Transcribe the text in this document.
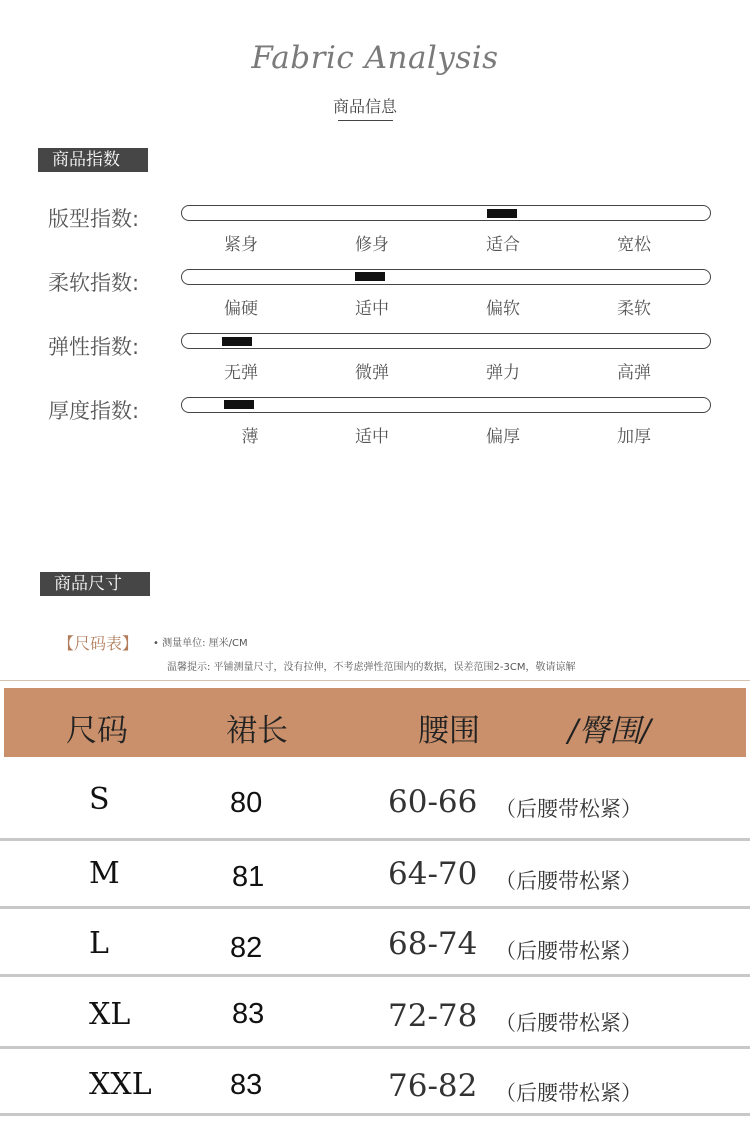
Fabric Analysis
商品信息
商品指数
版型指数:
紧身	修身	适合	宽松
柔软指数:
偏硬	适中	偏软	柔软
弹性指数:
无弹	微弹	弹力	高弹
厚度指数:
薄	适中	偏厚	加厚
商品尺寸
【尺码表】 • 测量单位: 厘米/CM
温馨提示: 平铺测量尺寸，没有拉伸，不考虑弹性范围内的数据，误差范围2-3CM，敬请谅解
尺码	裙长	腰围	/臀围/
S	80	60-66 （后腰带松紧）
M	81	64-70 （后腰带松紧）
L	82	68-74 （后腰带松紧）
XL	83	72-78 （后腰带松紧）
XXL	83	76-82 （后腰带松紧）
